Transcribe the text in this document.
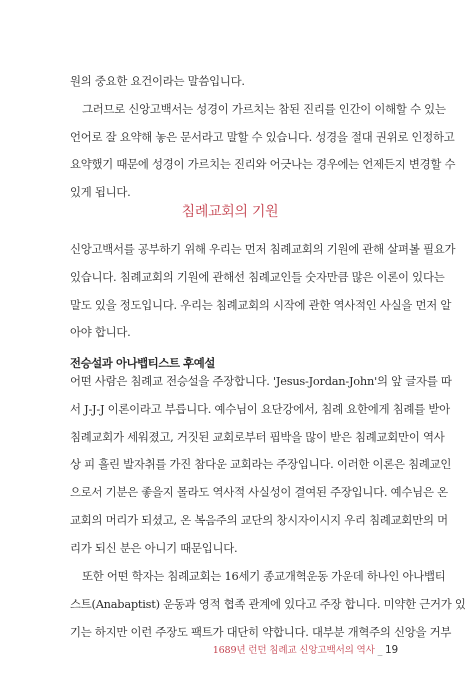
원의 중요한 요건이라는 말씀입니다.
그러므로 신앙고백서는 성경이 가르치는 참된 진리를 인간이 이해할 수 있는
언어로 잘 요약해 놓은 문서라고 말할 수 있습니다. 성경을 절대 권위로 인정하고
요약했기 때문에 성경이 가르치는 진리와 어긋나는 경우에는 언제든지 변경할 수
있게 됩니다.
침례교회의 기원
신앙고백서를 공부하기 위해 우리는 먼저 침례교회의 기원에 관해 살펴볼 필요가
있습니다. 침례교회의 기원에 관해선 침례교인들 숫자만큼 많은 이론이 있다는
말도 있을 정도입니다. 우리는 침례교회의 시작에 관한 역사적인 사실을 먼저 알
아야 합니다.
전승설과 아나뱁티스트 후예설
어떤 사람은 침례교 전승설을 주장합니다. 'Jesus-Jordan-John'의 앞 글자를 따
서 J-J-J 이론이라고 부릅니다. 예수님이 요단강에서, 침례 요한에게 침례를 받아
침례교회가 세워졌고, 거짓된 교회로부터 핍박을 많이 받은 침례교회만이 역사
상 피 흘린 발자취를 가진 참다운 교회라는 주장입니다. 이러한 이론은 침례교인
으로서 기분은 좋을지 몰라도 역사적 사실성이 결여된 주장입니다. 예수님은 온
교회의 머리가 되셨고, 온 복음주의 교단의 창시자이시지 우리 침례교회만의 머
리가 되신 분은 아니기 때문입니다.
또한 어떤 학자는 침례교회는 16세기 종교개혁운동 가운데 하나인 아나뱁티
스트(Anabaptist) 운동과 영적 협족 관계에 있다고 주장 합니다. 미약한 근거가 있
기는 하지만 이런 주장도 팩트가 대단히 약합니다. 대부분 개혁주의 신앙을 거부
1689년 런던 침례교 신앙고백서의 역사 _ 19
